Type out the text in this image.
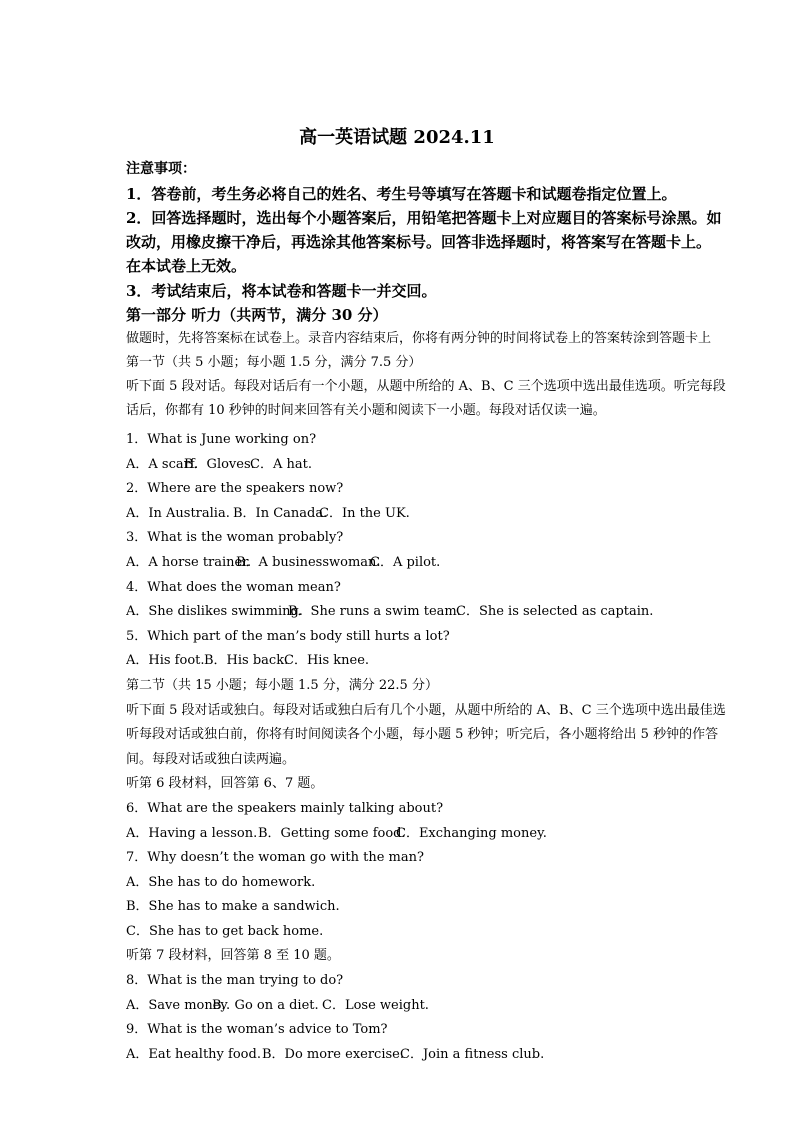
高一英语试题 2024.11
注意事项：
1．答卷前，考生务必将自己的姓名、考生号等填写在答题卡和试题卷指定位置上。
2．回答选择题时，选出每个小题答案后，用铅笔把答题卡上对应题目的答案标号涂黑。如
改动，用橡皮擦干净后，再选涂其他答案标号。回答非选择题时，将答案写在答题卡上。
在本试卷上无效。
3．考试结束后，将本试卷和答题卡一并交回。
第一部分 听力（共两节，满分 30 分）
做题时，先将答案标在试卷上。录音内容结束后，你将有两分钟的时间将试卷上的答案转涂到答题卡上
第一节（共 5 小题；每小题 1.5 分，满分 7.5 分）
听下面 5 段对话。每段对话后有一个小题，从题中所给的 A、B、C 三个选项中选出最佳选项。听完每段
话后，你都有 10 秒钟的时间来回答有关小题和阅读下一小题。每段对话仅读一遍。
1．What is June working on?
A．A scarf.B．Gloves.C．A hat.
2．Where are the speakers now?
A．In Australia. B．In Canada.C．In the UK.
3．What is the woman probably?
A．A horse trainer.B．A businesswoman.C．A pilot.
4．What does the woman mean?
A．She dislikes swimming.B．She runs a swim team.C．She is selected as captain.
5．Which part of the man’s body still hurts a lot?
A．His foot.B．His back.C．His knee.
第二节（共 15 小题；每小题 1.5 分，满分 22.5 分）
听下面 5 段对话或独白。每段对话或独白后有几个小题，从题中所给的 A、B、C 三个选项中选出最佳选
听每段对话或独白前，你将有时间阅读各个小题，每小题 5 秒钟；听完后，各小题将给出 5 秒钟的作答
间。每段对话或独白读两遍。
听第 6 段材料，回答第 6、7 题。
6．What are the speakers mainly talking about?
A．Having a lesson.B．Getting some food.C．Exchanging money.
7．Why doesn’t the woman go with the man?
A．She has to do homework.
B．She has to make a sandwich.
C．She has to get back home.
听第 7 段材料，回答第 8 至 10 题。
8．What is the man trying to do?
A．Save money.B．Go on a diet. C．Lose weight.
9．What is the woman’s advice to Tom?
A．Eat healthy food.B．Do more exercise.C．Join a fitness club.
